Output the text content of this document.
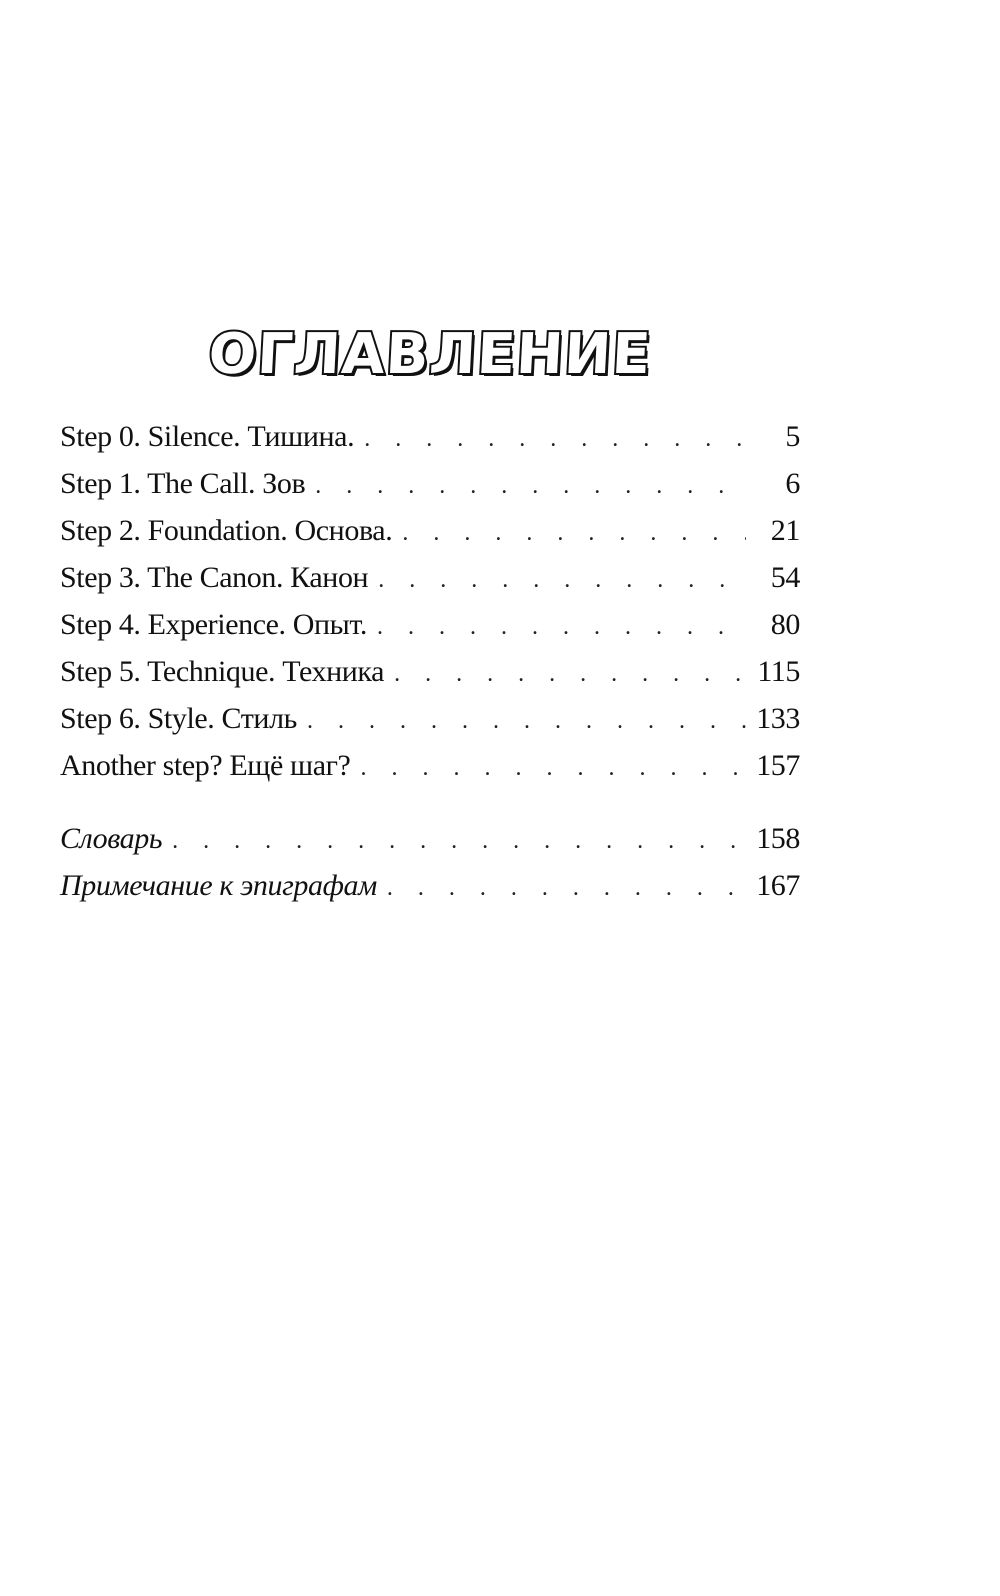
ОГЛАВЛЕНИЕ
Step 0. Silence. Тишина. . . .	5
Step 1. The Call. Зов . . .	6
Step 2. Foundation. Основа. . . .	21
Step 3. The Canon. Канон . . .	54
Step 4. Experience. Опыт. . . .	80
Step 5. Technique. Техника . . .	115
Step 6. Style. Стиль . . .	133
Another step? Ещё шаг? . . .	157
Словарь . . .	158
Примечание к эпиграфам . . .	167
